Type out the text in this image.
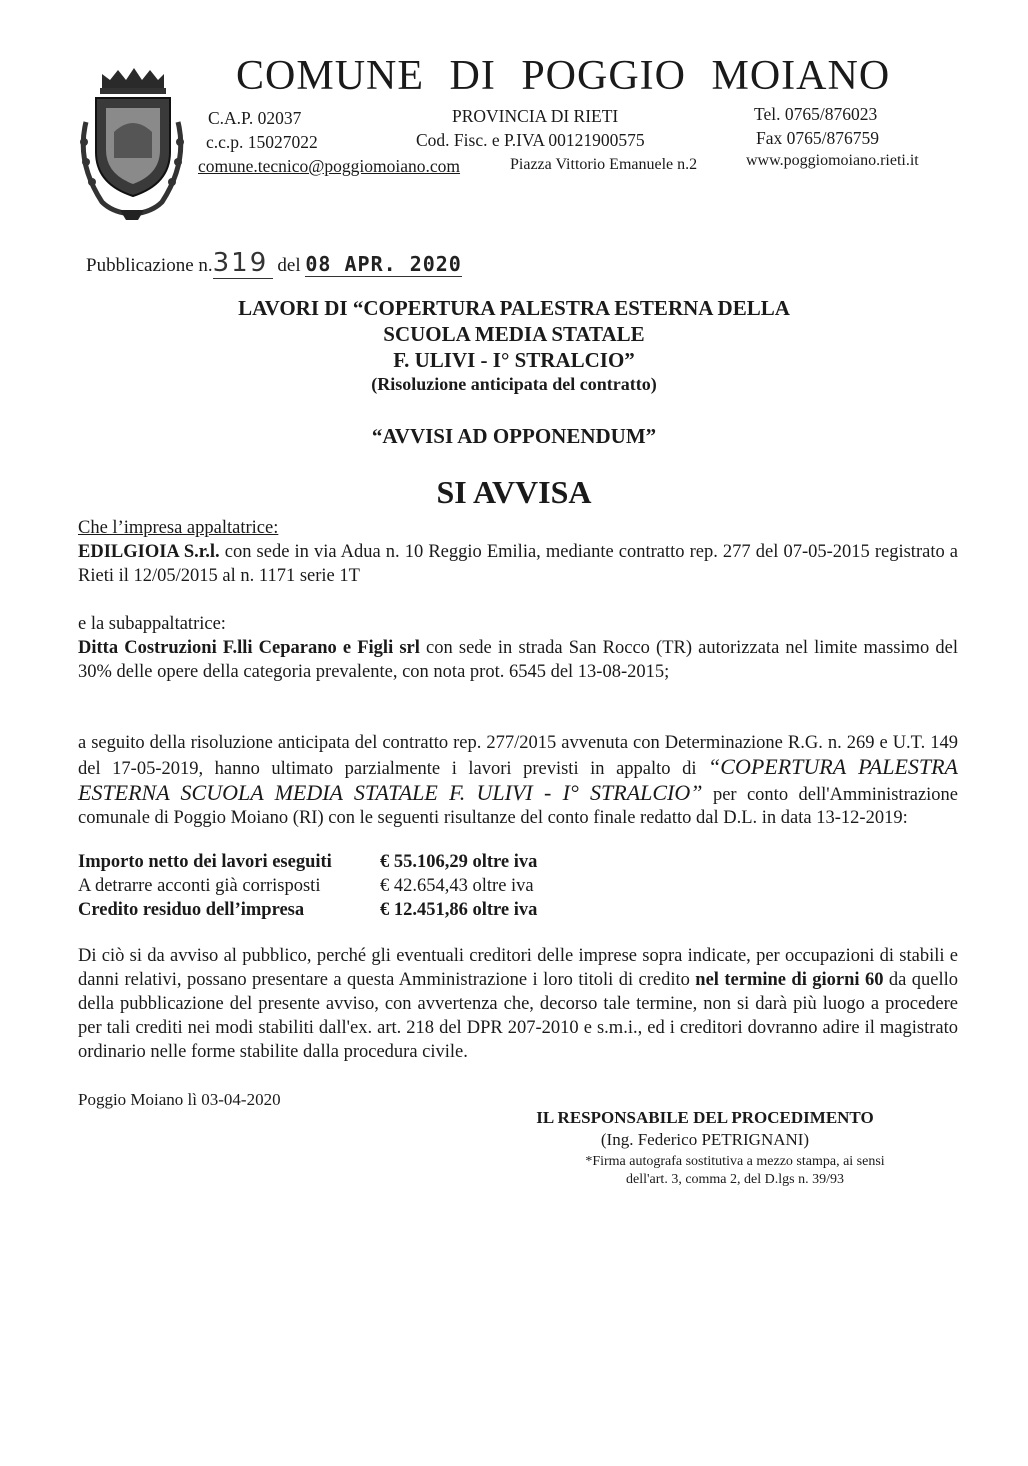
COMUNE DI POGGIO MOIANO
C.A.P. 02037	PROVINCIA DI RIETI	Tel. 0765/876023
c.c.p. 15027022	Cod. Fisc. e P.IVA 00121900575	Fax 0765/876759
comune.tecnico@poggiomoiano.com	Piazza Vittorio Emanuele n.2	www.poggiomoiano.rieti.it
Pubblicazione n.319 del 08 APR. 2020
LAVORI DI “COPERTURA PALESTRA ESTERNA DELLA
SCUOLA MEDIA STATALE
F. ULIVI - I° STRALCIO”
(Risoluzione anticipata del contratto)
“AVVISI AD OPPONENDUM”
SI AVVISA

Che l’impresa appaltatrice:

EDILGIOIA S.r.l. con sede in via Adua n. 10 Reggio Emilia, mediante contratto rep. 277 del 07-05-2015 registrato a Rieti il 12/05/2015 al n. 1171 serie 1T

e la subappaltatrice:

Ditta Costruzioni F.lli Ceparano e Figli srl con sede in strada San Rocco (TR) autorizzata nel limite massimo del 30% delle opere della categoria prevalente, con nota prot. 6545 del 13-08-2015;

a seguito della risoluzione anticipata del contratto rep. 277/2015 avvenuta con Determinazione R.G. n. 269 e U.T. 149 del 17-05-2019, hanno ultimato parzialmente i lavori previsti in appalto di “COPERTURA PALESTRA ESTERNA SCUOLA MEDIA STATALE F. ULIVI - I° STRALCIO” per conto dell'Amministrazione comunale di Poggio Moiano (RI) con le seguenti risultanze del conto finale redatto dal D.L. in data 13-12-2019:

Importo netto dei lavori eseguiti	€ 55.106,29 oltre iva
A detrarre acconti già corrisposti	€ 42.654,43 oltre iva
Credito residuo dell’impresa	€ 12.451,86 oltre iva

Di ciò si da avviso al pubblico, perché gli eventuali creditori delle imprese sopra indicate, per occupazioni di stabili e danni relativi, possano presentare a questa Amministrazione i loro titoli di credito nel termine di giorni 60 da quello della pubblicazione del presente avviso, con avvertenza che, decorso tale termine, non si darà più luogo a procedere per tali crediti nei modi stabiliti dall'ex. art. 218 del DPR 207-2010 e s.m.i., ed i creditori dovranno adire il magistrato ordinario nelle forme stabilite dalla procedura civile.

Poggio Moiano lì 03-04-2020
IL RESPONSABILE DEL PROCEDIMENTO
(Ing. Federico PETRIGNANI)
*Firma autografa sostitutiva a mezzo stampa, ai sensi
dell'art. 3, comma 2, del D.lgs n. 39/93
